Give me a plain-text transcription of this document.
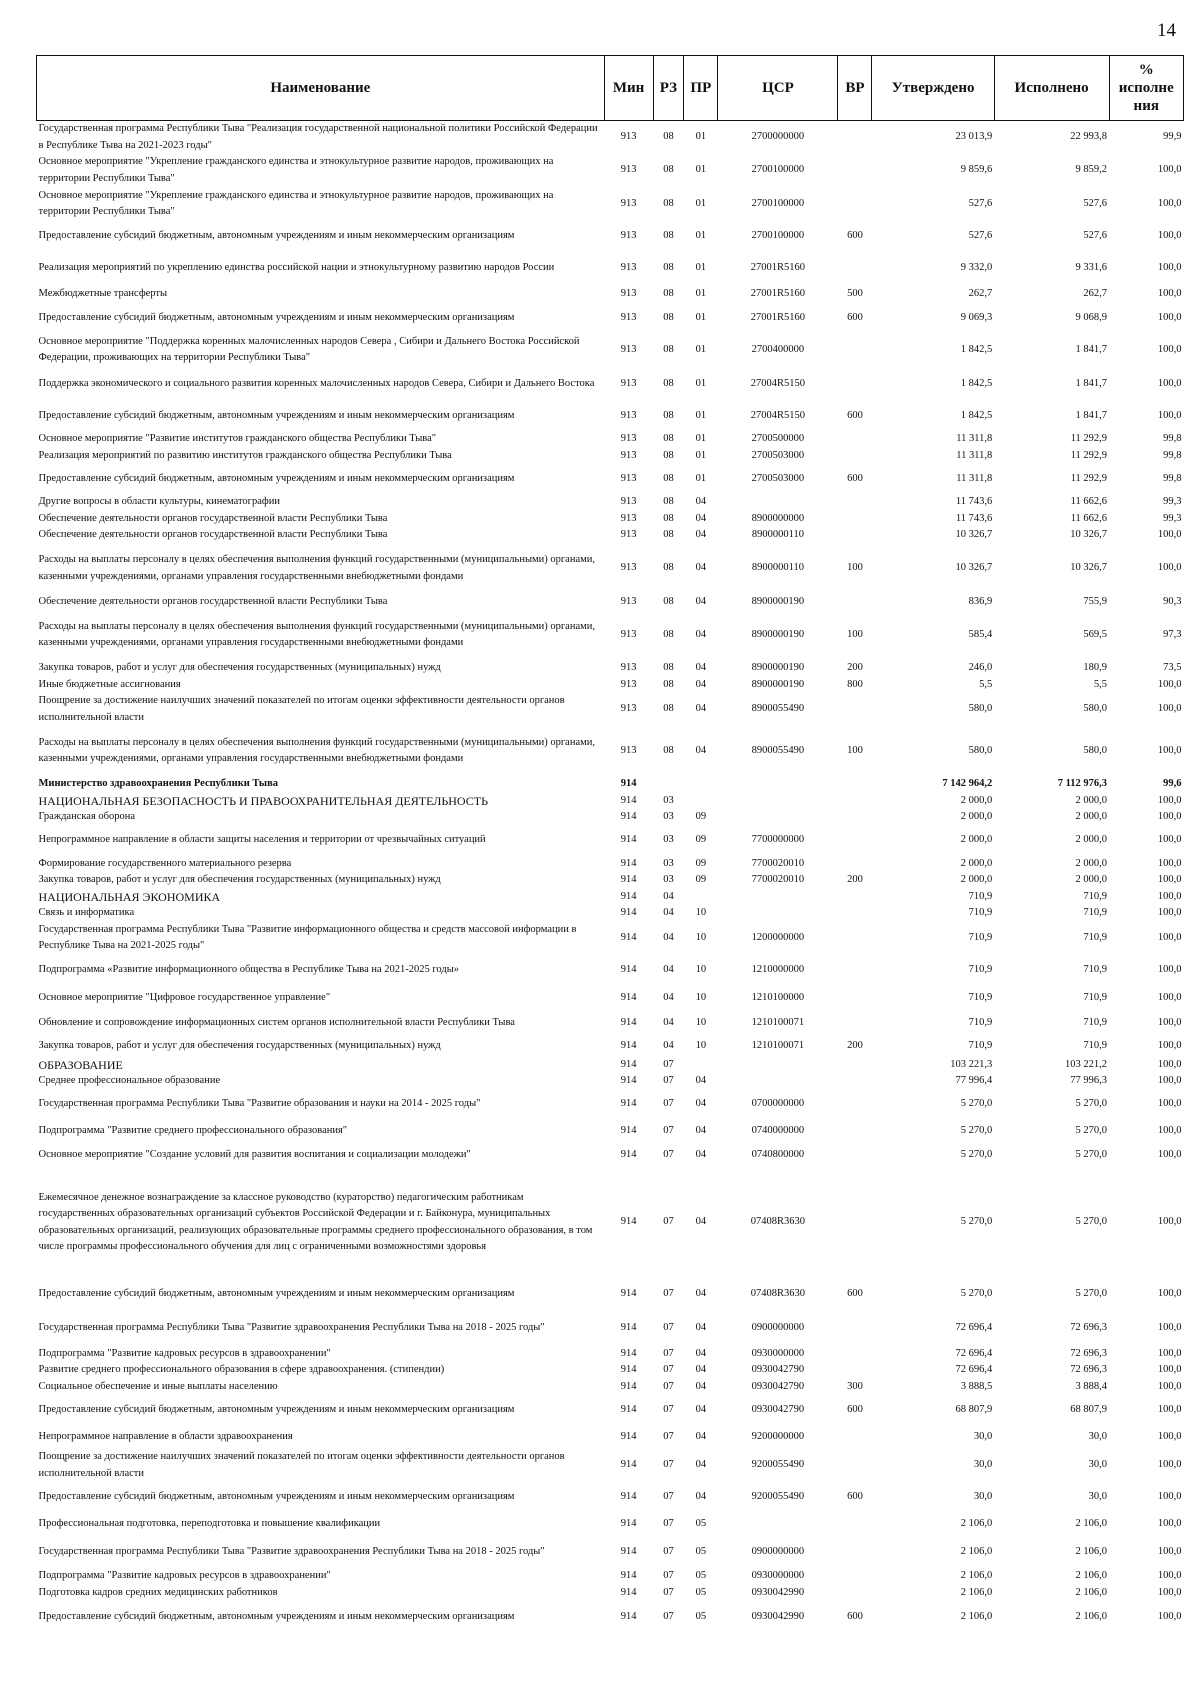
14
Наименование	Мин	РЗ	ПР	ЦСР	ВР	Утверждено	Исполнено	% исполне ния
Государственная программа Республики Тыва "Реализация государственной национальной политики Российской Федерации в Республике Тыва на 2021-2023 годы"	913	08	01	2700000000		23 013,9	22 993,8	99,9
Основное мероприятие "Укрепление гражданского единства и этнокультурное развитие народов, проживающих на территории Республики Тыва"	913	08	01	2700100000		9 859,6	9 859,2	100,0
Основное мероприятие "Укрепление гражданского единства и этнокультурное развитие народов, проживающих на территории Республики Тыва"	913	08	01	2700100000		527,6	527,6	100,0
Предоставление субсидий бюджетным, автономным учреждениям и иным некоммерческим организациям	913	08	01	2700100000	600	527,6	527,6	100,0
Реализация мероприятий по укреплению единства российской нации и этнокультурному развитию народов России	913	08	01	27001R5160		9 332,0	9 331,6	100,0
Межбюджетные трансферты	913	08	01	27001R5160	500	262,7	262,7	100,0
Предоставление субсидий бюджетным, автономным учреждениям и иным некоммерческим организациям	913	08	01	27001R5160	600	9 069,3	9 068,9	100,0
Основное мероприятие "Поддержка коренных малочисленных народов Севера , Сибири и Дальнего Востока Российской Федерации, проживающих на территории Республики Тыва"	913	08	01	2700400000		1 842,5	1 841,7	100,0
Поддержка экономического и социального развития коренных малочисленных народов Севера, Сибири и Дальнего Востока	913	08	01	27004R5150		1 842,5	1 841,7	100,0
Предоставление субсидий бюджетным, автономным учреждениям и иным некоммерческим организациям	913	08	01	27004R5150	600	1 842,5	1 841,7	100,0
Основное мероприятие "Развитие институтов гражданского общества Республики Тыва"	913	08	01	2700500000		11 311,8	11 292,9	99,8
Реализация мероприятий по развитию институтов гражданского общества Республики Тыва	913	08	01	2700503000		11 311,8	11 292,9	99,8
Предоставление субсидий бюджетным, автономным учреждениям и иным некоммерческим организациям	913	08	01	2700503000	600	11 311,8	11 292,9	99,8
Другие вопросы в области культуры, кинематографии	913	08	04			11 743,6	11 662,6	99,3
Обеспечение деятельности органов государственной власти Республики Тыва	913	08	04	8900000000		11 743,6	11 662,6	99,3
Обеспечение деятельности органов государственной власти Республики Тыва	913	08	04	8900000110		10 326,7	10 326,7	100,0
Расходы на выплаты персоналу в целях обеспечения выполнения функций государственными (муниципальными) органами, казенными учреждениями, органами управления государственными внебюджетными фондами	913	08	04	8900000110	100	10 326,7	10 326,7	100,0
Обеспечение деятельности органов государственной власти Республики Тыва	913	08	04	8900000190		836,9	755,9	90,3
Расходы на выплаты персоналу в целях обеспечения выполнения функций государственными (муниципальными) органами, казенными учреждениями, органами управления государственными внебюджетными фондами	913	08	04	8900000190	100	585,4	569,5	97,3
Закупка товаров, работ и услуг для обеспечения государственных (муниципальных) нужд	913	08	04	8900000190	200	246,0	180,9	73,5
Иные бюджетные ассигнования	913	08	04	8900000190	800	5,5	5,5	100,0
Поощрение за достижение наилучших значений показателей по итогам оценки эффективности деятельности органов исполнительной власти	913	08	04	8900055490		580,0	580,0	100,0
Расходы на выплаты персоналу в целях обеспечения выполнения функций государственными (муниципальными) органами, казенными учреждениями, органами управления государственными внебюджетными фондами	913	08	04	8900055490	100	580,0	580,0	100,0
Министерство здравоохранения Республики Тыва	914					7 142 964,2	7 112 976,3	99,6
НАЦИОНАЛЬНАЯ БЕЗОПАСНОСТЬ И ПРАВООХРАНИТЕЛЬНАЯ ДЕЯТЕЛЬНОСТЬ	914	03				2 000,0	2 000,0	100,0
Гражданская оборона	914	03	09			2 000,0	2 000,0	100,0
Непрограммное направление в области защиты населения и территории от чрезвычайных ситуаций	914	03	09	7700000000		2 000,0	2 000,0	100,0
Формирование государственного материального резерва	914	03	09	7700020010		2 000,0	2 000,0	100,0
Закупка товаров, работ и услуг для обеспечения государственных (муниципальных) нужд	914	03	09	7700020010	200	2 000,0	2 000,0	100,0
НАЦИОНАЛЬНАЯ ЭКОНОМИКА	914	04				710,9	710,9	100,0
Связь и информатика	914	04	10			710,9	710,9	100,0
Государственная программа Республики Тыва "Развитие информационного общества и средств массовой информации в Республике Тыва на 2021-2025 годы"	914	04	10	1200000000		710,9	710,9	100,0
Подпрограмма «Развитие информационного общества в Республике Тыва на 2021-2025 годы»	914	04	10	1210000000		710,9	710,9	100,0
Основное мероприятие "Цифровое государственное управление"	914	04	10	1210100000		710,9	710,9	100,0
Обновление и сопровождение информационных систем органов исполнительной власти Республики Тыва	914	04	10	1210100071		710,9	710,9	100,0
Закупка товаров, работ и услуг для обеспечения государственных (муниципальных) нужд	914	04	10	1210100071	200	710,9	710,9	100,0
ОБРАЗОВАНИЕ	914	07				103 221,3	103 221,2	100,0
Среднее профессиональное образование	914	07	04			77 996,4	77 996,3	100,0
Государственная программа Республики Тыва "Развитие образования и науки на 2014 - 2025 годы"	914	07	04	0700000000		5 270,0	5 270,0	100,0
Подпрограмма "Развитие среднего профессионального образования"	914	07	04	0740000000		5 270,0	5 270,0	100,0
Основное мероприятие "Создание условий для развития воспитания и социализации молодежи"	914	07	04	0740800000		5 270,0	5 270,0	100,0
Ежемесячное денежное вознаграждение за классное руководство (кураторство) педагогическим работникам государственных образовательных организаций субъектов Российской Федерации и г. Байконура, муниципальных образовательных организаций, реализующих образовательные программы среднего профессионального образования, в том числе программы профессионального обучения для лиц с ограниченными возможностями здоровья	914	07	04	07408R3630		5 270,0	5 270,0	100,0
Предоставление субсидий бюджетным, автономным учреждениям и иным некоммерческим организациям	914	07	04	07408R3630	600	5 270,0	5 270,0	100,0
Государственная программа Республики Тыва "Развитие здравоохранения Республики Тыва на 2018 - 2025 годы"	914	07	04	0900000000		72 696,4	72 696,3	100,0
Подпрограмма "Развитие кадровых ресурсов в здравоохранении"	914	07	04	0930000000		72 696,4	72 696,3	100,0
Развитие среднего профессионального образования в сфере здравоохранения. (стипендии)	914	07	04	0930042790		72 696,4	72 696,3	100,0
Социальное обеспечение и иные выплаты населению	914	07	04	0930042790	300	3 888,5	3 888,4	100,0
Предоставление субсидий бюджетным, автономным учреждениям и иным некоммерческим организациям	914	07	04	0930042790	600	68 807,9	68 807,9	100,0
Непрограммное направление в области здравоохранения	914	07	04	9200000000		30,0	30,0	100,0
Поощрение за достижение наилучших значений показателей по итогам оценки эффективности деятельности органов исполнительной власти	914	07	04	9200055490		30,0	30,0	100,0
Предоставление субсидий бюджетным, автономным учреждениям и иным некоммерческим организациям	914	07	04	9200055490	600	30,0	30,0	100,0
Профессиональная подготовка, переподготовка и повышение квалификации	914	07	05			2 106,0	2 106,0	100,0
Государственная программа Республики Тыва "Развитие здравоохранения Республики Тыва на 2018 - 2025 годы"	914	07	05	0900000000		2 106,0	2 106,0	100,0
Подпрограмма "Развитие кадровых ресурсов в здравоохранении"	914	07	05	0930000000		2 106,0	2 106,0	100,0
Подготовка кадров средних медицинских работников	914	07	05	0930042990		2 106,0	2 106,0	100,0
Предоставление субсидий бюджетным, автономным учреждениям и иным некоммерческим организациям	914	07	05	0930042990	600	2 106,0	2 106,0	100,0
